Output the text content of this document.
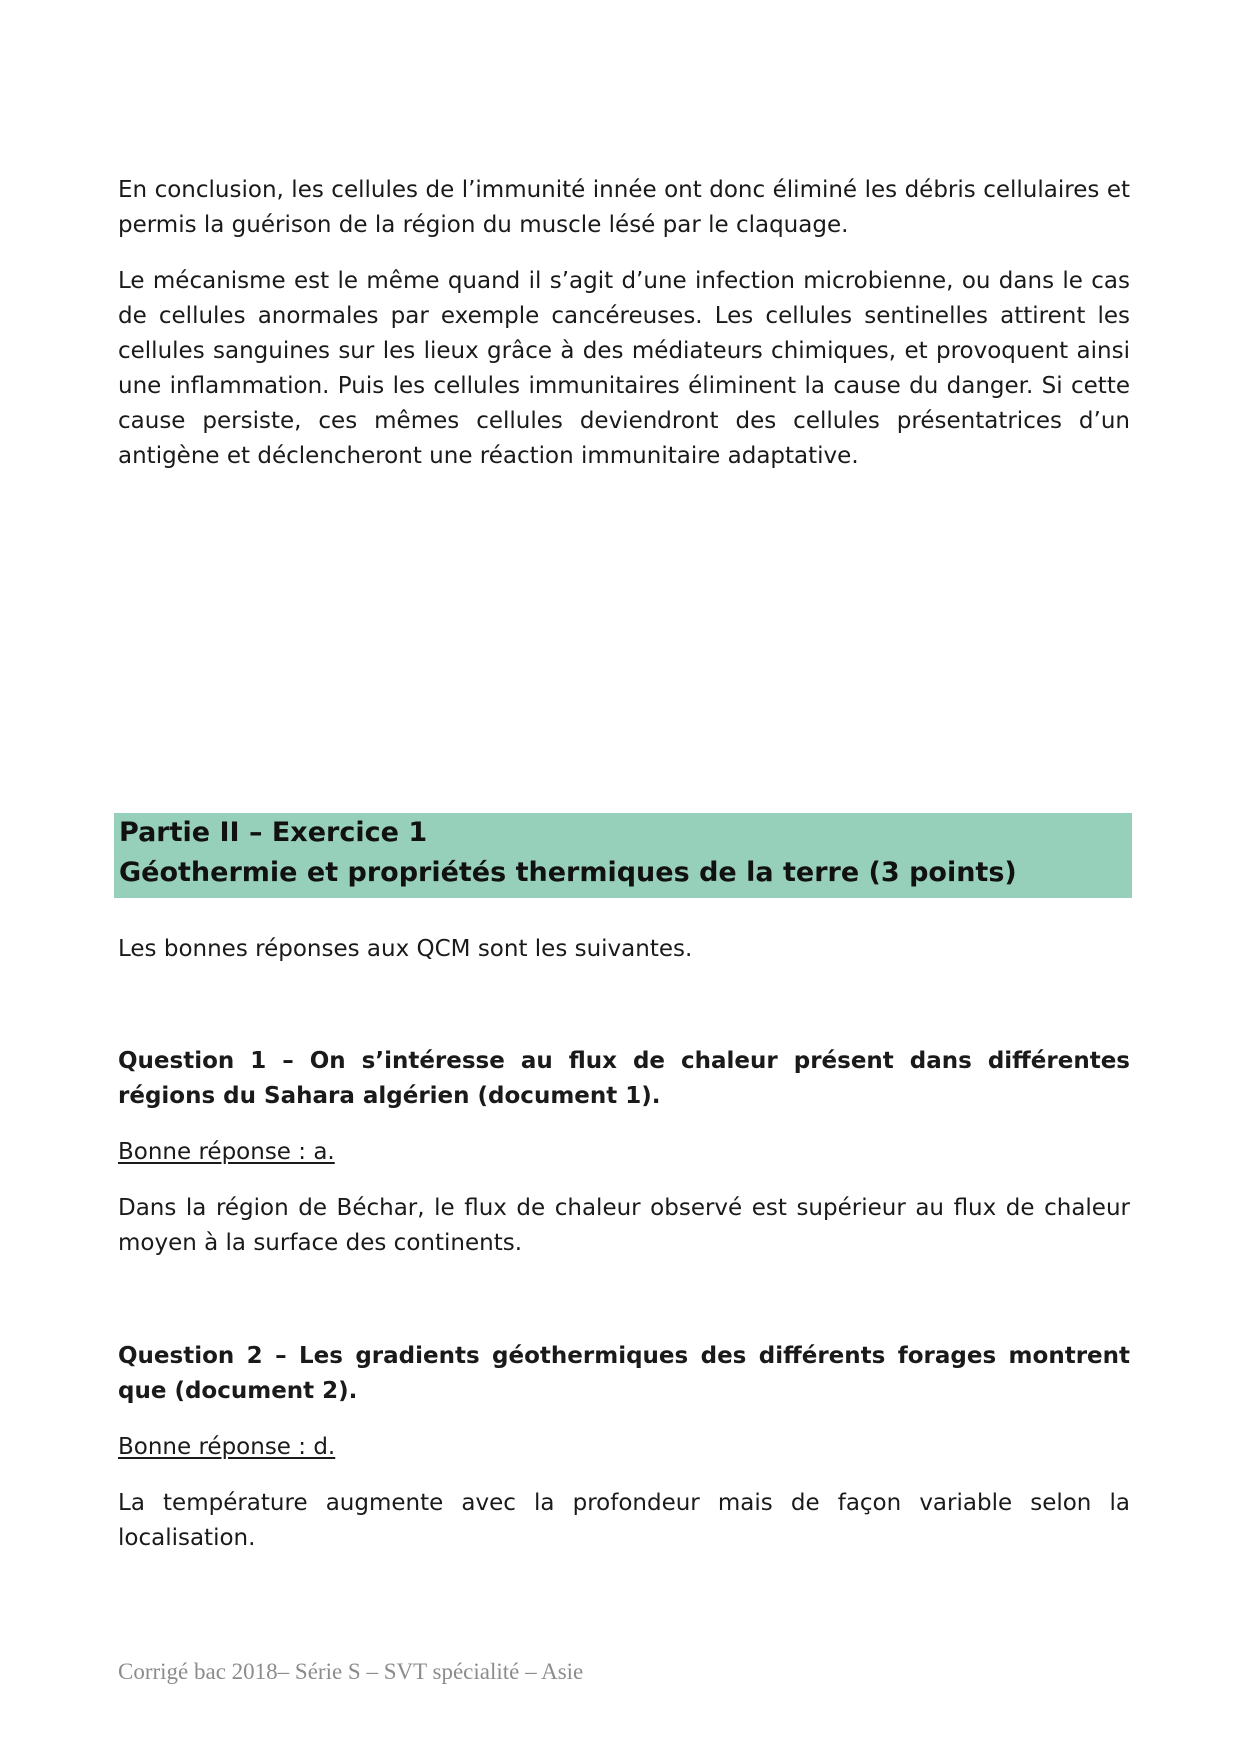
En conclusion, les cellules de l’immunité innée ont donc éliminé les débris cellulaires et permis la guérison de la région du muscle lésé par le claquage.

Le mécanisme est le même quand il s’agit d’une infection microbienne, ou dans le cas de cellules anormales par exemple cancéreuses. Les cellules sentinelles attirent les cellules sanguines sur les lieux grâce à des médiateurs chimiques, et provoquent ainsi une inflammation. Puis les cellules immunitaires éliminent la cause du danger. Si cette cause persiste, ces mêmes cellules deviendront des cellules présentatrices d’un antigène et déclencheront une réaction immunitaire adaptative.

Partie II – Exercice 1

Géothermie et propriétés thermiques de la terre (3 points)

Les bonnes réponses aux QCM sont les suivantes.

Question 1 – On s’intéresse au flux de chaleur présent dans différentes régions du Sahara algérien (document 1).

Bonne réponse : a.

Dans la région de Béchar, le flux de chaleur observé est supérieur au flux de chaleur moyen à la surface des continents.

Question 2 – Les gradients géothermiques des différents forages montrent que (document 2).

Bonne réponse : d.

La température augmente avec la profondeur mais de façon variable selon la localisation.

Corrigé bac 2018– Série S – SVT spécialité – Asie
